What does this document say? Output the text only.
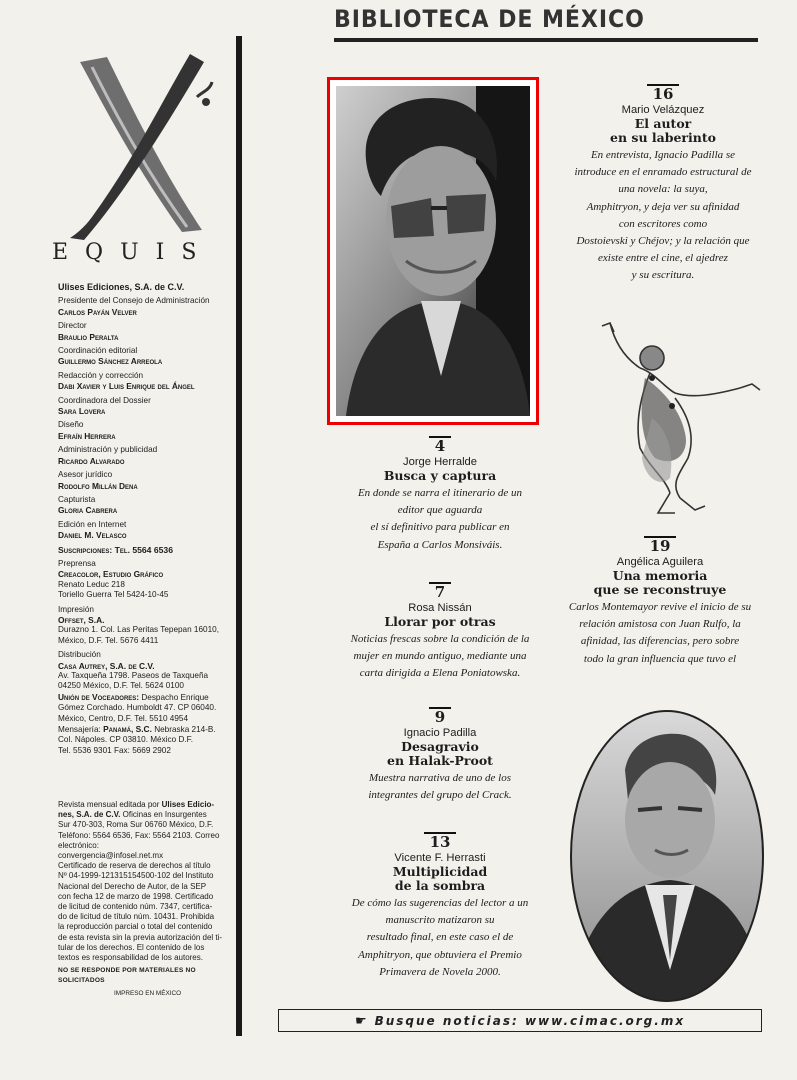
BIBLIOTECA DE MÉXICO
EQUIS
Ulises Ediciones, S.A. de C.V.
Presidente del Consejo de Administración
Carlos Payán Velver
Director
Braulio Peralta
Coordinación editorial
Guillermo Sánchez Arreola
Redacción y corrección
Dabi Xavier y Luis Enrique del Ángel
Coordinadora del Dossier
Sara Lovera
Diseño
Efraín Herrera
Administración y publicidad
Ricardo Alvarado
Asesor jurídico
Rodolfo Millán Dena
Capturista
Gloria Cabrera
Edición en Internet
Daniel M. Velasco
Suscripciones: Tel. 5564 6536
Preprensa
Creacolor, Estudio Gráfico
Renato Leduc 218
Toriello Guerra Tel 5424-10-45
Impresión
Offset, S.A.
Durazno 1. Col. Las Peritas Tepepan 16010,
México, D.F. Tel. 5676 4411
Distribución
Casa Autrey, S.A. de C.V.
Av. Taxqueña 1798. Paseos de Taxqueña
04250 México, D.F. Tel. 5624 0100
Unión de Voceadores: Despacho Enrique
Gómez Corchado. Humboldt 47. CP 06040.
México, Centro, D.F. Tel. 5510 4954
Mensajería: Panamá, S.C. Nebraska 214-B.
Col. Nápoles. CP 03810. México D.F.
Tel. 5536 9301 Fax: 5669 2902
Revista mensual editada por Ulises Edicio-
nes, S.A. de C.V. Oficinas en Insurgentes
Sur 470-303, Roma Sur 06760 México, D.F.
Teléfono: 5564 6536, Fax: 5564 2103. Correo
electrónico:
convergencia@infosel.net.mx
Certificado de reserva de derechos al título
Nº 04-1999-121315154500-102 del Instituto
Nacional del Derecho de Autor, de la SEP
con fecha 12 de marzo de 1998. Certificado
de licitud de contenido núm. 7347, certifica-
do de licitud de título núm. 10431. Prohibida
la reproducción parcial o total del contenido
de esta revista sin la previa autorización del ti-
tular de los derechos. El contenido de los
textos es responsabilidad de los autores.
NO SE RESPONDE POR MATERIALES NO SOLICITADOS
IMPRESO EN MÉXICO
16
Mario Velázquez
El autor
en su laberinto
En entrevista, Ignacio Padilla se
introduce en el enramado estructural de
una novela: la suya,
Amphitryon, y deja ver su afinidad
con escritores como
Dostoievski y Chéjov; y la relación que
existe entre el cine, el ajedrez
y su escritura.
4
Jorge Herralde
Busca y captura
En donde se narra el itinerario de un
editor que aguarda
el sí definitivo para publicar en
España a Carlos Monsiváis.
7
Rosa Nissán
Llorar por otras
Noticias frescas sobre la condición de la
mujer en mundo antiguo, mediante una
carta dirigida a Elena Poniatowska.
9
Ignacio Padilla
Desagravio
en Halak-Proot
Muestra narrativa de uno de los
integrantes del grupo del Crack.
13
Vicente F. Herrasti
Multiplicidad
de la sombra
De cómo las sugerencias del lector a un
manuscrito matizaron su
resultado final, en este caso el de
Amphitryon, que obtuviera el Premio
Primavera de Novela 2000.
19
Angélica Aguilera
Una memoria
que se reconstruye
Carlos Montemayor revive el inicio de su
relación amistosa con Juan Rulfo, la
afinidad, las diferencias, pero sobre
todo la gran influencia que tuvo el
☛ Busque noticias: www.cimac.org.mx
